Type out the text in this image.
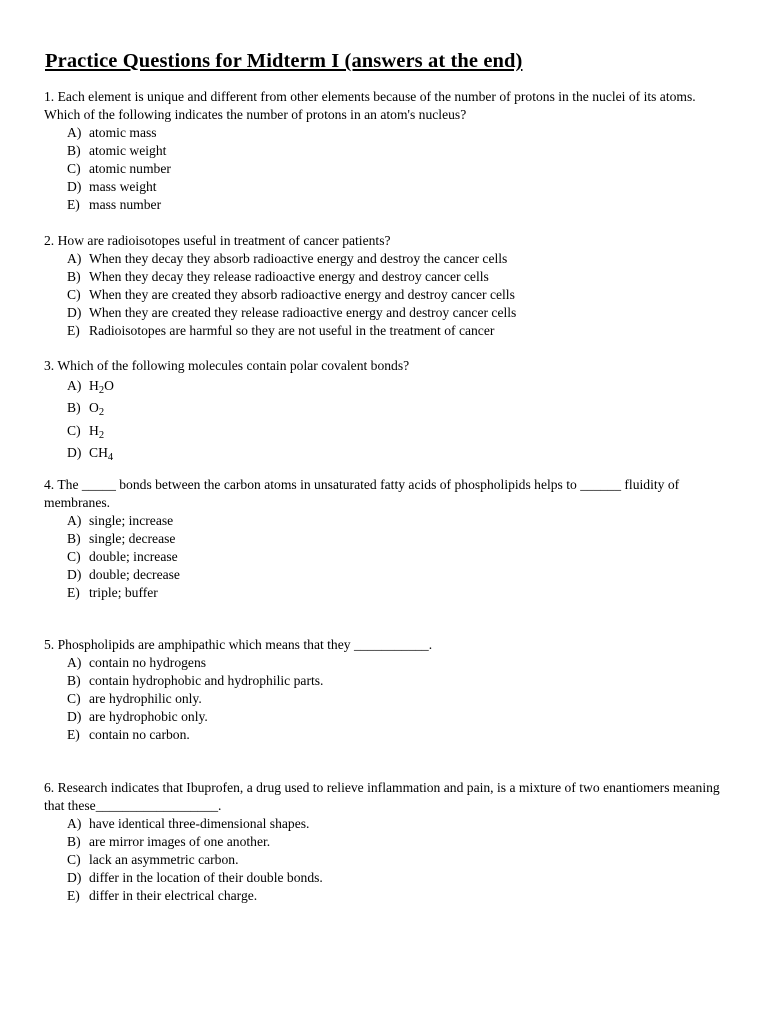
Practice Questions for Midterm I (answers at the end)

1. Each element is unique and different from other elements because of the number of protons in the nuclei of its atoms. Which of the following indicates the number of protons in an atom's nucleus?

A) atomic mass
B) atomic weight
C) atomic number
D) mass weight
E) mass number

2. How are radioisotopes useful in treatment of cancer patients?

A) When they decay they absorb radioactive energy and destroy the cancer cells
B) When they decay they release radioactive energy and destroy cancer cells
C) When they are created they absorb radioactive energy and destroy cancer cells
D) When they are created they release radioactive energy and destroy cancer cells
E) Radioisotopes are harmful so they are not useful in the treatment of cancer

3. Which of the following molecules contain polar covalent bonds?

A) $H_2O$
B) $O_2$
C) $H_2$
D) $CH_4$

4. The _____ bonds between the carbon atoms in unsaturated fatty acids of phospholipids helps to ______ fluidity of membranes.

A) single; increase
B) single; decrease
C) double; increase
D) double; decrease
E) triple; buffer

5. Phospholipids are amphipathic which means that they ___________.

A) contain no hydrogens
B) contain hydrophobic and hydrophilic parts.
C) are hydrophilic only.
D) are hydrophobic only.
E) contain no carbon.

6. Research indicates that Ibuprofen, a drug used to relieve inflammation and pain, is a mixture of two enantiomers meaning that these__________________.

A) have identical three-dimensional shapes.
B) are mirror images of one another.
C) lack an asymmetric carbon.
D) differ in the location of their double bonds.
E) differ in their electrical charge.
